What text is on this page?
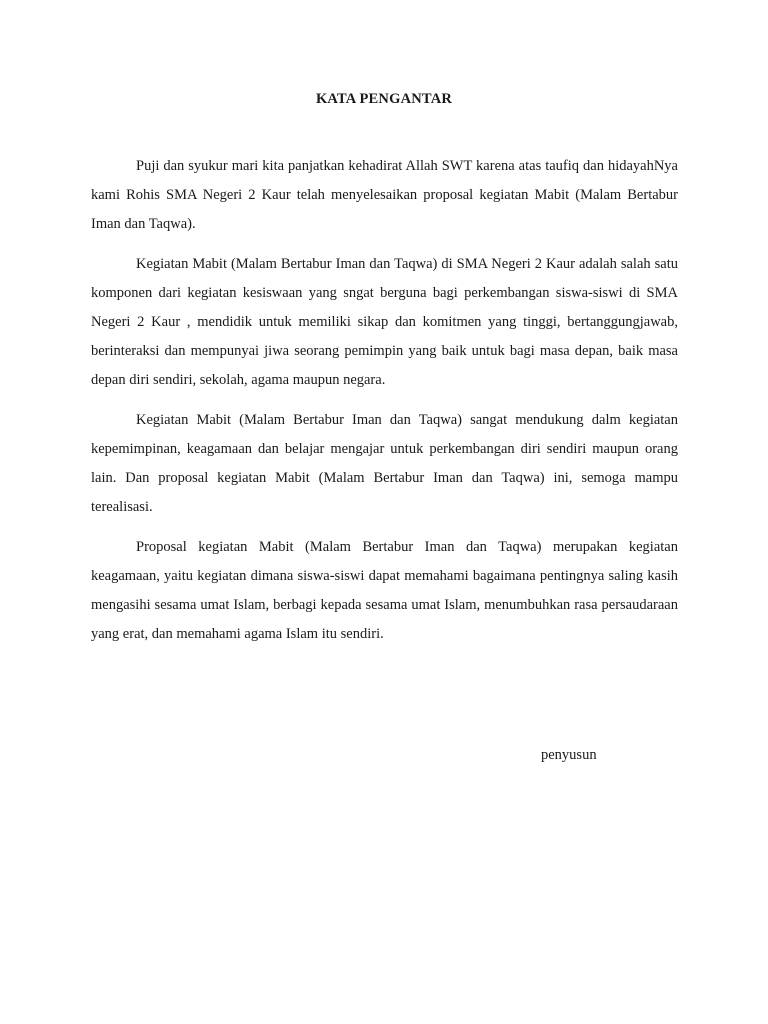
KATA PENGANTAR

Puji dan syukur mari kita panjatkan kehadirat Allah SWT karena atas taufiq dan hidayahNya kami Rohis SMA Negeri 2 Kaur telah menyelesaikan proposal kegiatan Mabit (Malam Bertabur Iman dan Taqwa).

Kegiatan Mabit (Malam Bertabur Iman dan Taqwa) di SMA Negeri 2 Kaur adalah salah satu komponen dari kegiatan kesiswaan yang sngat berguna bagi perkembangan siswa-siswi di SMA Negeri 2 Kaur , mendidik untuk memiliki sikap dan komitmen yang tinggi, bertanggungjawab, berinteraksi dan mempunyai jiwa seorang pemimpin yang baik untuk bagi masa depan, baik masa depan diri sendiri, sekolah, agama maupun negara.

Kegiatan Mabit (Malam Bertabur Iman dan Taqwa) sangat mendukung dalm kegiatan kepemimpinan, keagamaan dan belajar mengajar untuk perkembangan diri sendiri maupun orang lain. Dan proposal kegiatan Mabit (Malam Bertabur Iman dan Taqwa) ini, semoga mampu terealisasi.

Proposal kegiatan Mabit (Malam Bertabur Iman dan Taqwa) merupakan kegiatan keagamaan, yaitu kegiatan dimana siswa-siswi dapat memahami bagaimana pentingnya saling kasih mengasihi sesama umat Islam, berbagi kepada sesama umat Islam, menumbuhkan rasa persaudaraan yang erat, dan memahami agama Islam itu sendiri.

penyusun
